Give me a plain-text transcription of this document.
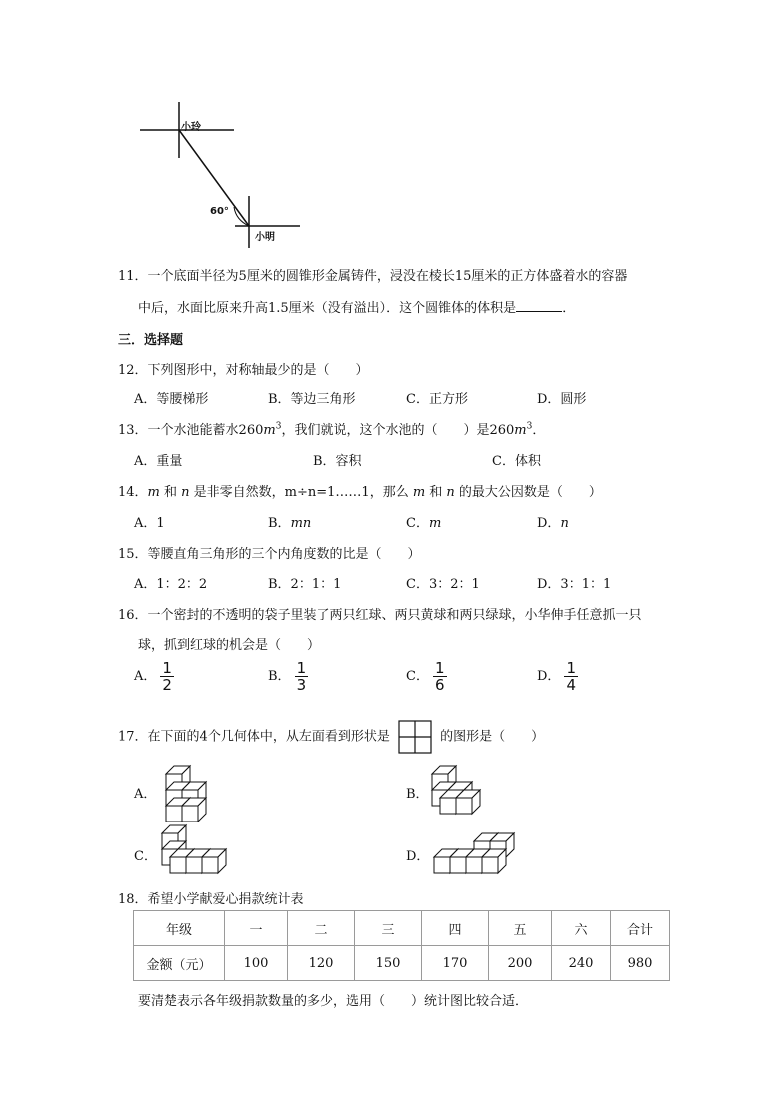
小玲
60°
小明
11．一个底面半径为5厘米的圆锥形金属铸件，浸没在棱长15厘米的正方体盛着水的容器
中后，水面比原来升高1.5厘米（没有溢出）．这个圆锥体的体积是	．
三．选择题
12．下列图形中，对称轴最少的是（　　）
A．等腰梯形	B．等边三角形	C．正方形	D．圆形
13．一个水池能蓄水$260m^3$，我们就说，这个水池的（　　）是$260m^3$．
A．重量	B．容积	C．体积
14．m 和 n 是非零自然数，m÷n=1……1，那么 m 和 n 的最大公因数是（　　）
A．1	B．mn	C．m	D．n
15．等腰直角三角形的三个内角度数的比是（　　）
A．1：2：2	B．2：1：1	C．3：2：1	D．3：1：1
16．一个密封的不透明的袋子里装了两只红球、两只黄球和两只绿球，小华伸手任意抓一只
球，抓到红球的机会是（　　）
A． $\frac{1}{2}$	B． $\frac{1}{3}$	C． $\frac{1}{6}$	D． $\frac{1}{4}$
17．在下面的4个几何体中，从左面看到形状是	的图形是（　　）
A．	B．
C．	D．
18．希望小学献爱心捐款统计表
年级	一	二	三	四	五	六	合计
金额（元）	100	120	150	170	200	240	980
要清楚表示各年级捐款数量的多少，选用（　　）统计图比较合适．
